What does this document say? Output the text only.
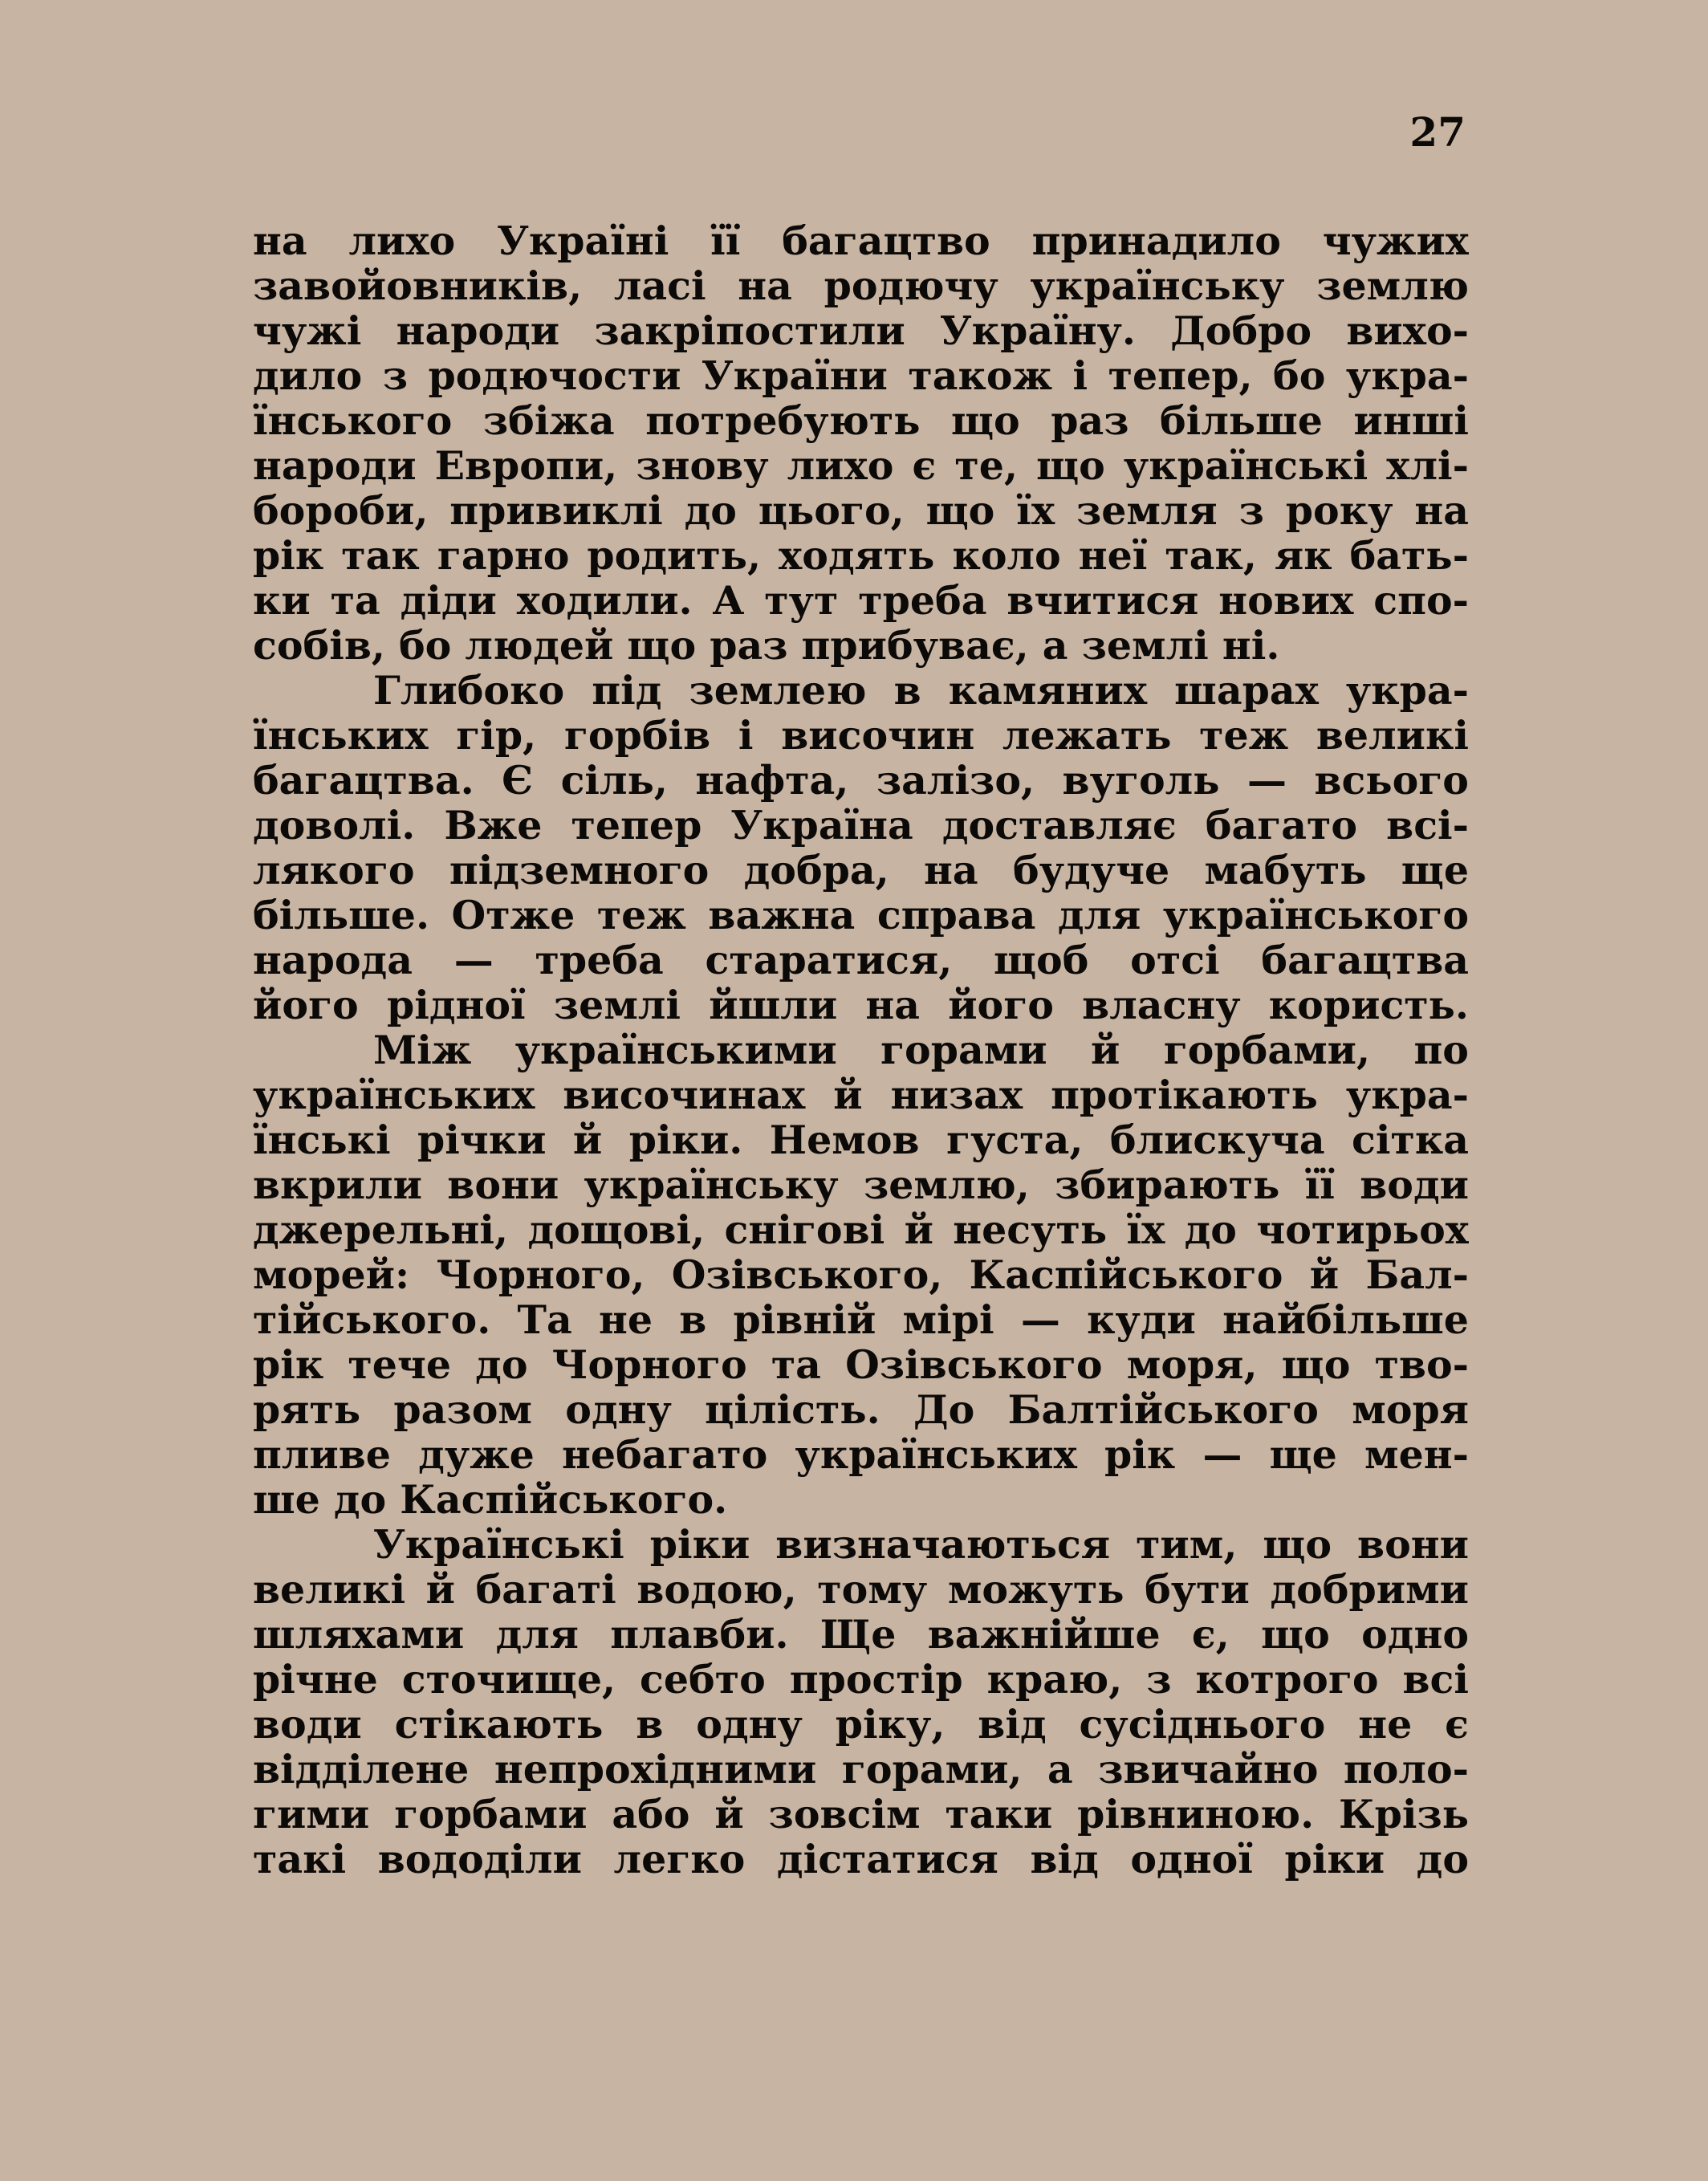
27
на лихо Україні її багацтво принадило чужих
завойовників, ласі на родючу українську землю
чужі народи закріпостили Україну. Добро вихо-
дило з родючости України також і тепер, бо укра-
їнського збіжа потребують що раз більше инші
народи Европи, знову лихо є те, що українські хлі-
бороби, привиклі до цього, що їх земля з року на
рік так гарно родить, ходять коло неї так, як бать-
ки та діди ходили. А тут треба вчитися нових спо-
собів, бо людей що раз прибуває, а землі ні.
Глибоко під землею в камяних шарах укра-
їнських гір, горбів і височин лежать теж великі
багацтва. Є сіль, нафта, залізо, вуголь — всього
доволі. Вже тепер Україна доставляє багато всі-
лякого підземного добра, на будуче мабуть ще
більше. Отже теж важна справа для українського
народа — треба старатися, щоб отсі багацтва
його рідної землі йшли на його власну користь.
Між українськими горами й горбами, по
українських височинах й низах протікають укра-
їнські річки й ріки. Немов густа, блискуча сітка
вкрили вони українську землю, збирають її води
джерельні, дощові, снігові й несуть їх до чотирьох
морей: Чорного, Озівського, Каспійського й Бал-
тійського. Та не в рівній мірі — куди найбільше
рік тече до Чорного та Озівського моря, що тво-
рять разом одну цілість. До Балтійського моря
пливе дуже небагато українських рік — ще мен-
ше до Каспійського.
Українські ріки визначаються тим, що вони
великі й багаті водою, тому можуть бути добрими
шляхами для плавби. Ще важнійше є, що одно
річне сточище, себто простір краю, з котрого всі
води стікають в одну ріку, від сусіднього не є
відділене непрохідними горами, а звичайно поло-
гими горбами або й зовсім таки рівниною. Крізь
такі вододіли легко дістатися від одної ріки до
